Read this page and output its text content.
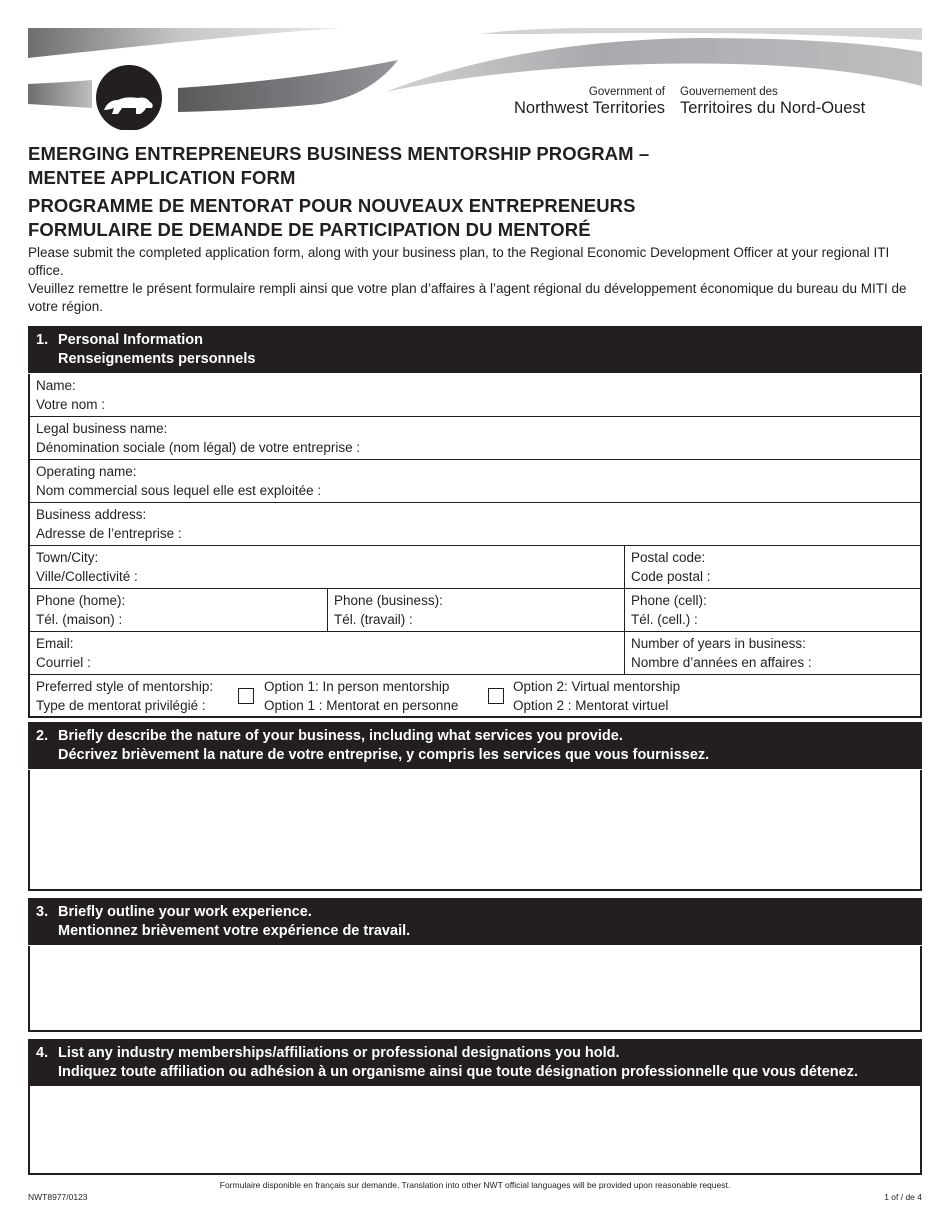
Government of
Northwest Territories
Gouvernement des
Territoires du Nord-Ouest
EMERGING ENTREPRENEURS BUSINESS MENTORSHIP PROGRAM –
MENTEE APPLICATION FORM
PROGRAMME DE MENTORAT POUR NOUVEAUX ENTREPRENEURS
FORMULAIRE DE DEMANDE DE PARTICIPATION DU MENTORÉ
Please submit the completed application form, along with your business plan, to the Regional Economic Development Officer at your regional ITI office.
Veuillez remettre le présent formulaire rempli ainsi que votre plan d’affaires à l’agent régional du développement économique du bureau du MITI de votre région.
1. Personal Information
Renseignements personnels
Name:
Votre nom :
Legal business name:
Dénomination sociale (nom légal) de votre entreprise :
Operating name:
Nom commercial sous lequel elle est exploitée :
Business address:
Adresse de l’entreprise :
Town/City:
Ville/Collectivité :
Postal code:
Code postal :
Phone (home):
Tél. (maison) :
Phone (business):
Tél. (travail) :
Phone (cell):
Tél. (cell.) :
Email:
Courriel :
Number of years in business:
Nombre d’années en affaires :
Preferred style of mentorship:
Type de mentorat privilégié :
Option 1: In person mentorship
Option 1 : Mentorat en personne
Option 2: Virtual mentorship
Option 2 : Mentorat virtuel
2. Briefly describe the nature of your business, including what services you provide.
Décrivez brièvement la nature de votre entreprise, y compris les services que vous fournissez.
3. Briefly outline your work experience.
Mentionnez brièvement votre expérience de travail.
4. List any industry memberships/affiliations or professional designations you hold.
Indiquez toute affiliation ou adhésion à un organisme ainsi que toute désignation professionnelle que vous détenez.
Formulaire disponible en français sur demande. Translation into other NWT official languages will be provided upon reasonable request.
NWT8977/0123	1 of / de 4
